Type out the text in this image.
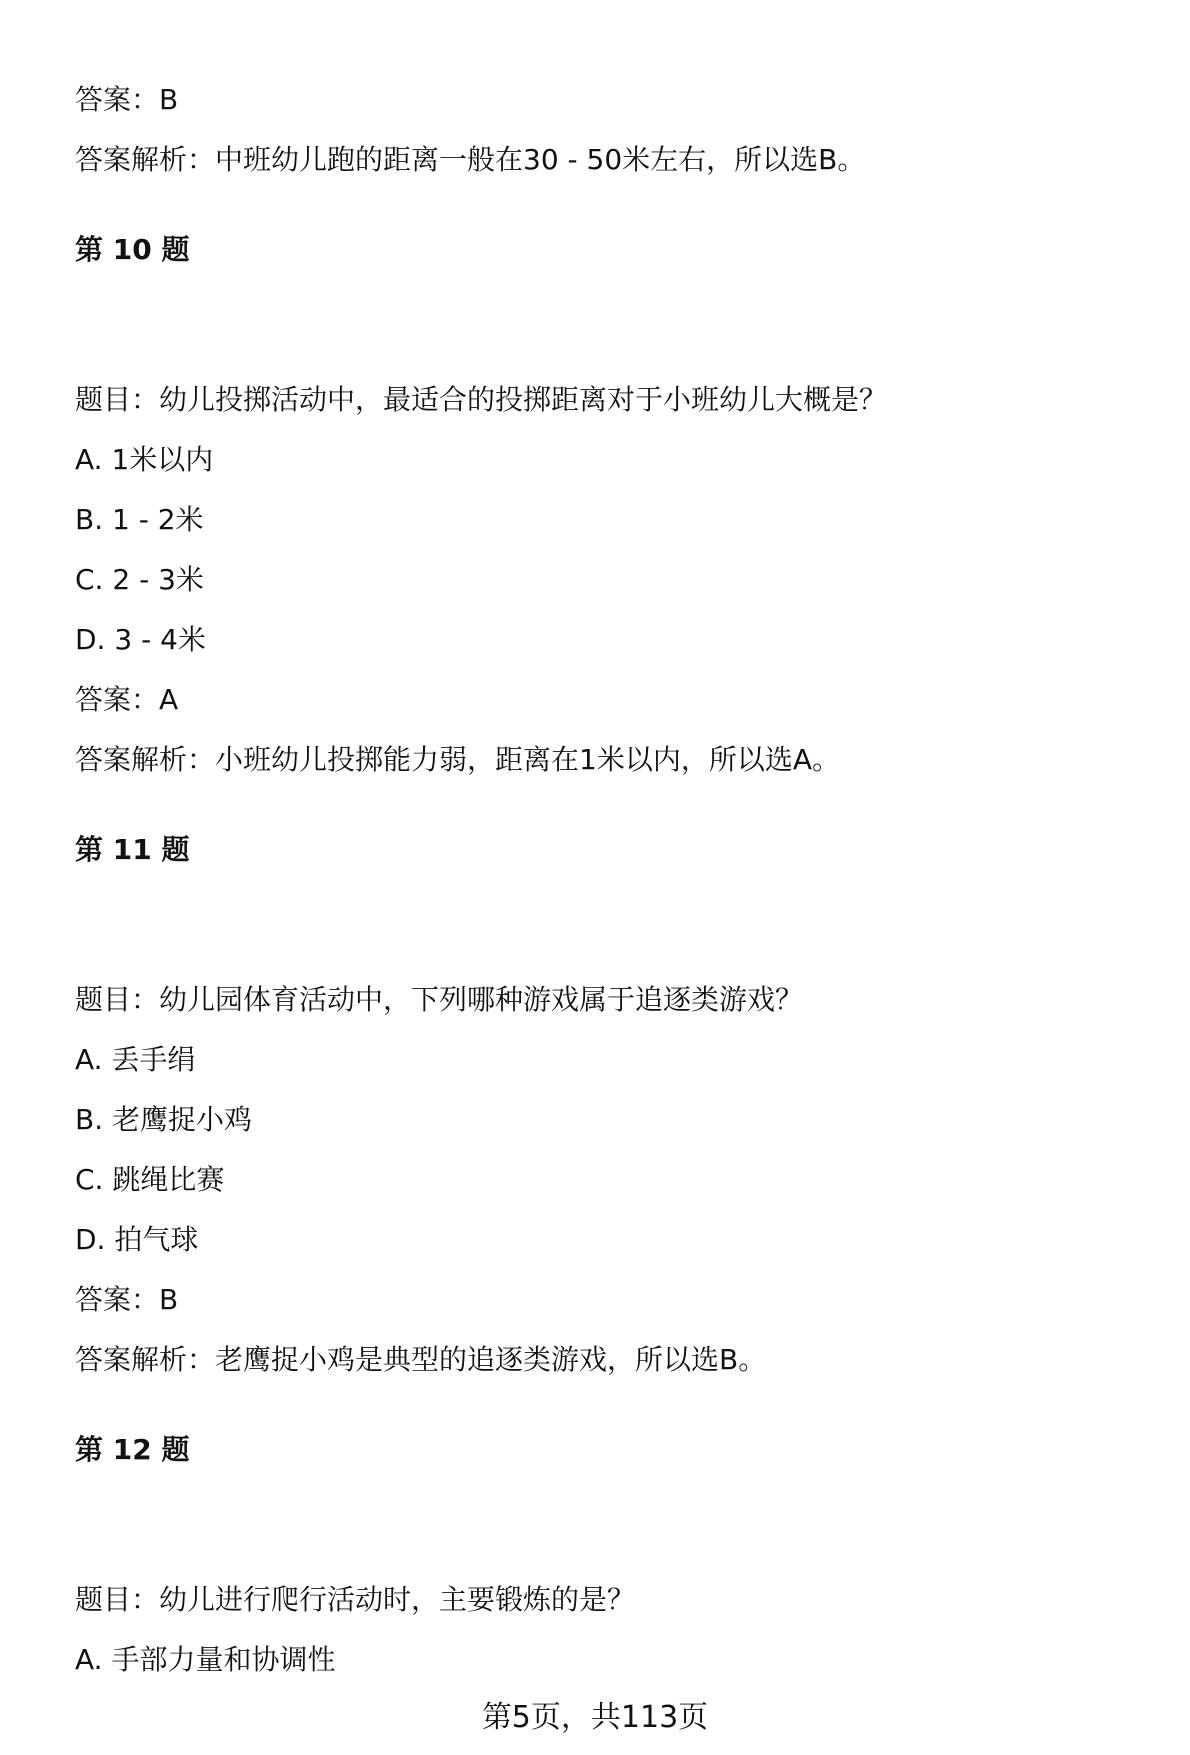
答案：B
答案解析：中班幼儿跑的距离一般在30 - 50米左右，所以选B。
第 10 题
题目：幼儿投掷活动中，最适合的投掷距离对于小班幼儿大概是？
A. 1米以内
B. 1 - 2米
C. 2 - 3米
D. 3 - 4米
答案：A
答案解析：小班幼儿投掷能力弱，距离在1米以内，所以选A。
第 11 题
题目：幼儿园体育活动中，下列哪种游戏属于追逐类游戏？
A. 丢手绢
B. 老鹰捉小鸡
C. 跳绳比赛
D. 拍气球
答案：B
答案解析：老鹰捉小鸡是典型的追逐类游戏，所以选B。
第 12 题
题目：幼儿进行爬行活动时，主要锻炼的是？
A. 手部力量和协调性
第5页，共113页
